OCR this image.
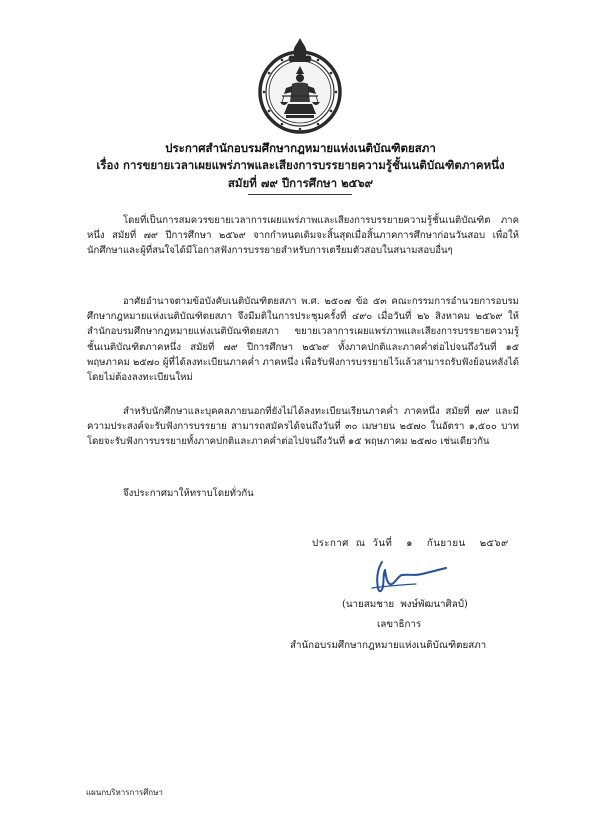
ประกาศสำนักอบรมศึกษากฎหมายแห่งเนติบัณฑิตยสภา
เรื่อง การขยายเวลาเผยแพร่ภาพและเสียงการบรรยายความรู้ชั้นเนติบัณฑิตภาคหนึ่ง
สมัยที่ ๗๙ ปีการศึกษา ๒๕๖๙

โดยที่เป็นการสมควรขยายเวลาการเผยแพร่ภาพและเสียงการบรรยายความรู้ชั้นเนติบัณฑิต ภาคหนึ่ง สมัยที่ ๗๙ ปีการศึกษา ๒๕๖๙ จากกำหนดเดิมจะสิ้นสุดเมื่อสิ้นภาคการศึกษาก่อนวันสอบ เพื่อให้นักศึกษาและผู้ที่สนใจได้มีโอกาสฟังการบรรยายสำหรับการเตรียมตัวสอบในสนามสอบอื่นๆ

อาศัยอำนาจตามข้อบังคับเนติบัณฑิตยสภา พ.ศ. ๒๕๐๗ ข้อ ๕๓ คณะกรรมการอำนวยการอบรมศึกษากฎหมายแห่งเนติบัณฑิตยสภา จึงมีมติในการประชุมครั้งที่ ๔๙๐ เมื่อวันที่ ๒๖ สิงหาคม ๒๕๖๙ ให้สำนักอบรมศึกษากฎหมายแห่งเนติบัณฑิตยสภา ขยายเวลาการเผยแพร่ภาพและเสียงการบรรยายความรู้ชั้นเนติบัณฑิตภาคหนึ่ง สมัยที่ ๗๙ ปีการศึกษา ๒๕๖๙ ทั้งภาคปกติและภาคค่ำต่อไปจนถึงวันที่ ๑๕ พฤษภาคม ๒๕๗๐ ผู้ที่ได้ลงทะเบียนภาคค่ำ ภาคหนึ่ง เพื่อรับฟังการบรรยายไว้แล้วสามารถรับฟังย้อนหลังได้โดยไม่ต้องลงทะเบียนใหม่

สำหรับนักศึกษาและบุคคลภายนอกที่ยังไม่ได้ลงทะเบียนเรียนภาคค่ำ ภาคหนึ่ง สมัยที่ ๗๙ และมีความประสงค์จะรับฟังการบรรยาย สามารถสมัครได้จนถึงวันที่ ๓๐ เมษายน ๒๕๗๐ ในอัตรา ๑,๕๐๐ บาท โดยจะรับฟังการบรรยายทั้งภาคปกติและภาคค่ำต่อไปจนถึงวันที่ ๑๕ พฤษภาคม ๒๕๗๐ เช่นเดียวกัน

จึงประกาศมาให้ทราบโดยทั่วกัน

ประกาศ  ณ  วันที่    ๑    กันยายน    ๒๕๖๙
(นายสมชาย  พงษ์พัฒนาศิลป์)
เลขาธิการ
สำนักอบรมศึกษากฎหมายแห่งเนติบัณฑิตยสภา
แผนกบริหารการศึกษา
